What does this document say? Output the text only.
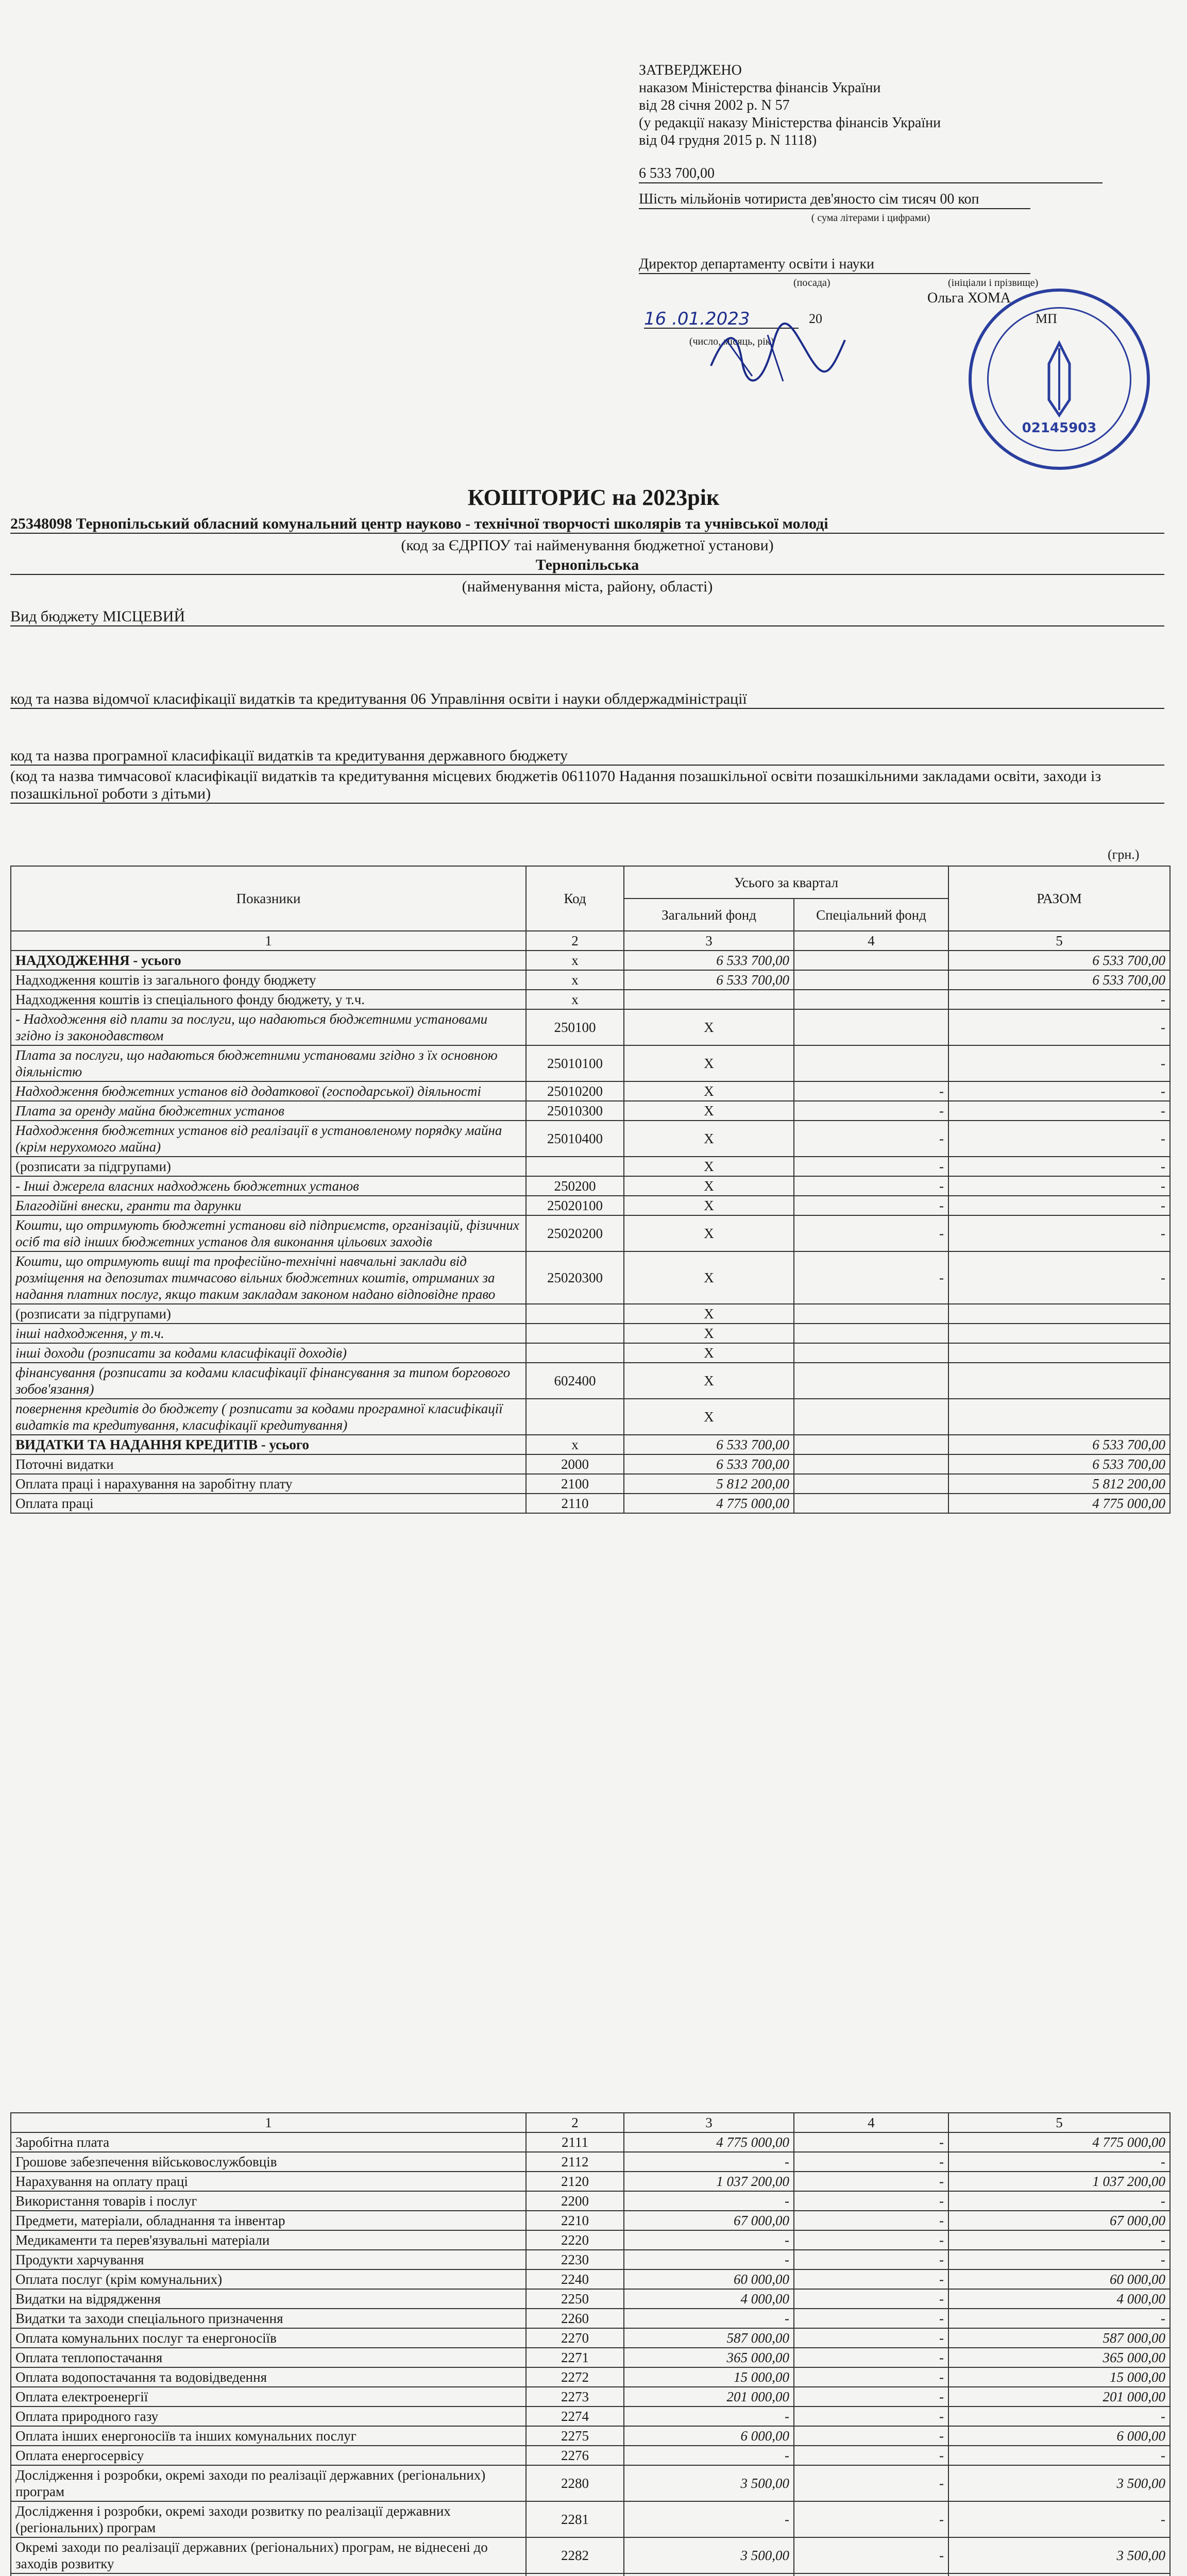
ЗАТВЕРДЖЕНО
наказом Міністерства фінансів України
від 28 січня 2002 р. N 57
(у редакції наказу Міністерства фінансів України
від 04 грудня 2015 р. N 1118)
6 533 700,00
Шість мільйонів чотириста дев'яносто сім тисяч 00 коп
( сума літерами і цифрами)
Директор департаменту освіти і науки
(посада)	(ініціали і прізвище)
Ольга ХОМА
16 .01.2023	20	МП
(число, місяць, рік)
02145903
КОШТОРИС на 2023рік
25348098 Тернопільський обласний комунальний центр науково - технічної творчості школярів та учнівської молоді
(код за ЄДРПОУ таі найменування бюджетної установи)
Тернопільська
(найменування міста, району, області)
Вид бюджету МІСЦЕВИЙ
код та назва відомчої класифікації видатків та кредитування 06 Управління освіти і науки облдержадміністрації
код та назва програмної класифікації видатків та кредитування державного бюджету
(код та назва тимчасової класифікації видатків та кредитування місцевих бюджетів 0611070 Надання позашкільної освіти позашкільними закладами освіти, заходи із позашкільної роботи з дітьми)
(грн.)
Показники	Код	Усього за квартал		РАЗОМ
		Загальний фонд	Спеціальний фонд	
1	2	3	4	5
НАДХОДЖЕННЯ - усього	x	6 533 700,00		6 533 700,00
Надходження коштів із загального фонду бюджету	x	6 533 700,00		6 533 700,00
Надходження коштів із спеціального фонду бюджету, у т.ч.	x			-
- Надходження від плати за послуги, що надаються бюджетними установами згідно із законодавством	250100	X		-
Плата за послуги, що надаються бюджетними установами згідно з їх основною діяльністю	25010100	X		-
Надходження бюджетних установ від додаткової (господарської) діяльності	25010200	X	-	-
Плата за оренду майна бюджетних установ	25010300	X	-	-
Надходження бюджетних установ від реалізації в установленому порядку майна (крім нерухомого майна)	25010400	X	-	-
(розписати за підгрупами)		X	-	-
- Інші джерела власних надходжень бюджетних установ	250200	X	-	-
Благодійні внески, гранти та дарунки	25020100	X	-	-
Кошти, що отримують бюджетні установи від підприємств, організацій, фізичних осіб та від інших бюджетних установ для виконання цільових заходів	25020200	X	-	-
Кошти, що отримують вищі та професійно-технічні навчальні заклади від розміщення на депозитах тимчасово вільних бюджетних коштів, отриманих за надання платних послуг, якщо таким закладам законом надано відповідне право	25020300	X	-	-
(розписати за підгрупами)		X		
інші надходження, у т.ч.		X		
інші доходи (розписати за кодами класифікації доходів)		X		
фінансування (розписати за кодами класифікації фінансування за типом боргового зобов'язання)	602400	X		
повернення кредитів до бюджету ( розписати за кодами програмної класифікації видатків та кредитування, класифікації кредитування)		X		
ВИДАТКИ ТА НАДАННЯ КРЕДИТІВ - усього	x	6 533 700,00		6 533 700,00
Поточні видатки	2000	6 533 700,00		6 533 700,00
Оплата праці і нарахування на заробітну плату	2100	5 812 200,00		5 812 200,00
Оплата праці	2110	4 775 000,00		4 775 000,00
1	2	3	4	5
Заробітна плата	2111	4 775 000,00	-	4 775 000,00
Грошове забезпечення військовослужбовців	2112	-	-	-
Нарахування на оплату праці	2120	1 037 200,00	-	1 037 200,00
Використання товарів і послуг	2200	-	-	-
Предмети, матеріали, обладнання та інвентар	2210	67 000,00	-	67 000,00
Медикаменти та перев'язувальні матеріали	2220	-	-	-
Продукти харчування	2230	-	-	-
Оплата послуг (крім комунальних)	2240	60 000,00	-	60 000,00
Видатки на відрядження	2250	4 000,00	-	4 000,00
Видатки та заходи спеціального призначення	2260	-	-	-
Оплата комунальних послуг та енергоносіїв	2270	587 000,00	-	587 000,00
Оплата теплопостачання	2271	365 000,00	-	365 000,00
Оплата водопостачання та водовідведення	2272	15 000,00	-	15 000,00
Оплата електроенергії	2273	201 000,00	-	201 000,00
Оплата природного газу	2274	-	-	-
Оплата інших енергоносіїв та інших комунальних послуг	2275	6 000,00	-	6 000,00
Оплата енергосервісу	2276	-	-	-
Дослідження і розробки, окремі заходи по реалізації державних (регіональних) програм	2280	3 500,00	-	3 500,00
Дослідження і розробки, окремі заходи розвитку по реалізації державних (регіональних) програм	2281	-	-	-
Окремі заходи по реалізації державних (регіональних) програм, не віднесені до заходів розвитку	2282	3 500,00	-	3 500,00
